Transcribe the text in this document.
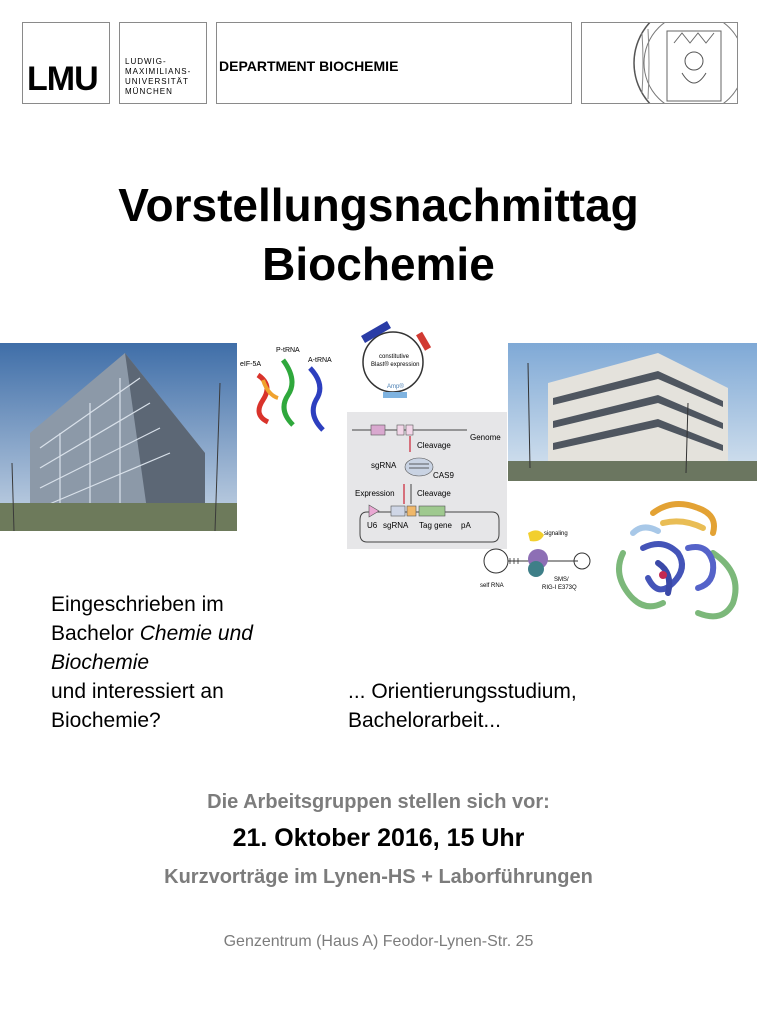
LMU	LUDWIG-
MAXIMILIANS-
UNIVERSITÄT
MÜNCHEN
DEPARTMENT BIOCHEMIE
Vorstellungsnachmittag
Biochemie
eIF-5A
P-tRNA
A-tRNA	constitutive
Blast® expression
Amp®
Genome
Cleavage
sgRNA
CAS9
Expression	Cleavage
U6 sgRNA Tag gene pA
signaling
self RNA
SMS/
RIG-I E373Q
Eingeschrieben im
Bachelor Chemie und
Biochemie
und interessiert an
Biochemie?
... Orientierungsstudium,
Bachelorarbeit...
Die Arbeitsgruppen stellen sich vor:
21. Oktober 2016, 15 Uhr
Kurzvorträge im Lynen-HS + Laborführungen
Genzentrum (Haus A) Feodor-Lynen-Str. 25
